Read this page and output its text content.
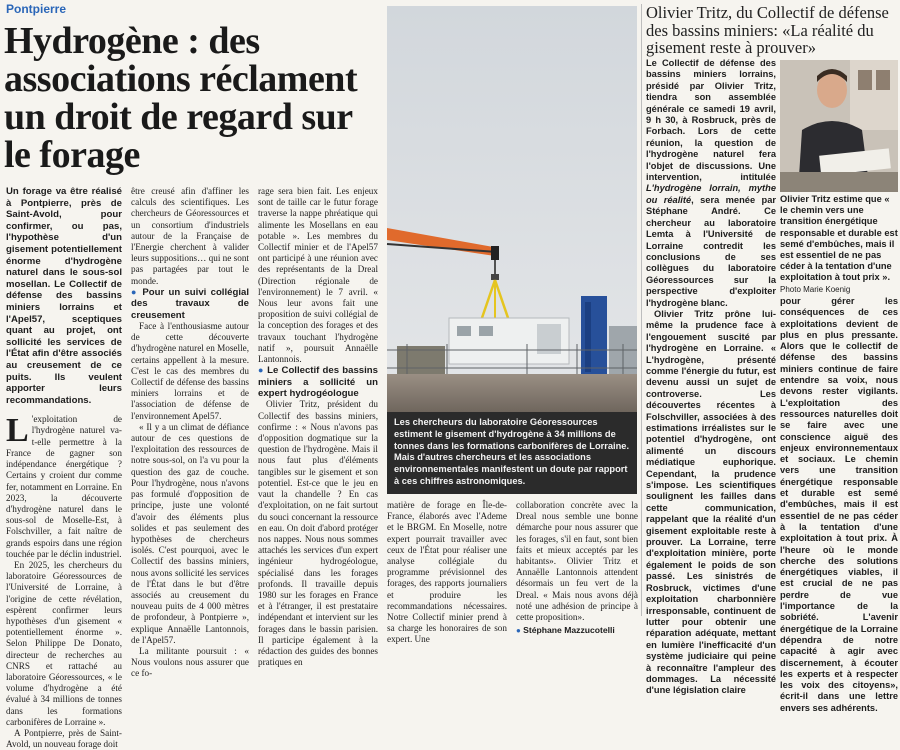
Pontpierre
Hydrogène : des associations réclament un droit de regard sur le forage

Un forage va être réalisé à Pontpierre, près de Saint-Avold, pour confirmer, ou pas, l'hypothèse d'un gisement potentiellement énorme d'hydrogène naturel dans le sous-sol mosellan. Le Collectif de défense des bassins miniers lorrains et l'Apel57, sceptiques quant au projet, ont sollicité les services de l'État afin d'être associés au creusement de ce puits. Ils veulent apporter leurs recommandations.

L 'exploitation de l'hydrogène naturel va-t-elle permettre à la France de gagner son indépendance énergétique ? Certains y croient dur comme fer, notamment en Lorraine. En 2023, la découverte d'hydrogène naturel dans le sous-sol de Moselle-Est, à Folschviller, a fait naître de grands espoirs dans une région touchée par le déclin industriel.

En 2025, les chercheurs du laboratoire Géoressources de l'Université de Lorraine, à l'origine de cette révélation, espèrent confirmer leurs hypothèses d'un gisement « potentiellement énorme ». Selon Philippe De Donato, directeur de recherches au CNRS et rattaché au laboratoire Géoressources, « le volume d'hydrogène a été évalué à 34 millions de tonnes dans les formations carbonifères de Lorraine ».

A Pontpierre, près de Saint-Avold, un nouveau forage doit

être creusé afin d'affiner les calculs des scientifiques. Les chercheurs de Géoressources et un consortium d'industriels autour de la Française de l'Energie cherchent à valider leurs suppositions… qui ne sont pas partagées par tout le monde.

● Pour un suivi collégial des travaux de creusement

Face à l'enthousiasme autour de cette découverte d'hydrogène naturel en Moselle, certains appellent à la mesure. C'est le cas des membres du Collectif de défense des bassins miniers lorrains et de l'association de défense de l'environnement Apel57.

« Il y a un climat de défiance autour de ces questions de l'exploitation des ressources de notre sous-sol, on l'a vu pour la question des gaz de couche. Pour l'hydrogène, nous n'avons pas formulé d'opposition de principe, juste une volonté d'avoir des éléments plus solides et pas seulement des hypothèses de chercheurs isolés. C'est pourquoi, avec le Collectif des bassins miniers, nous avons sollicité les services de l'État dans le but d'être associés au creusement du nouveau puits de 4 000 mètres de profondeur, à Pontpierre », explique Annaëlle Lantonnois, de l'Apel57.

La militante poursuit : « Nous voulons nous assurer que ce fo-

rage sera bien fait. Les enjeux sont de taille car le futur forage traverse la nappe phréatique qui alimente les Mosellans en eau potable ». Les membres du Collectif minier et de l'Apel57 ont participé à une réunion avec des représentants de la Dreal (Direction régionale de l'environnement) le 7 avril. « Nous leur avons fait une proposition de suivi collégial de la conception des forages et des travaux touchant l'hydrogène natif », poursuit Annaëlle Lantonnois.

● Le Collectif des bassins miniers a sollicité un expert hydrogéologue

Olivier Tritz, président du Collectif des bassins miniers, confirme : « Nous n'avons pas d'opposition dogmatique sur la question de l'hydrogène. Mais il nous faut plus d'éléments tangibles sur le gisement et son potentiel. Est-ce que le jeu en vaut la chandelle ? En cas d'exploitation, on ne fait surtout du souci concernant la ressource en eau. On doit d'abord protéger nos nappes. Nous nous sommes attachés les services d'un expert ingénieur hydrogéologue, spécialisé dans les forages profonds. Il travaille depuis 1980 sur les forages en France et à l'étranger, il est prestataire indépendant et intervient sur les forages dans le bassin parisien. Il participe également à la rédaction des guides des bonnes pratiques en

Les chercheurs du laboratoire Géoressources estiment le gisement d'hydrogène à 34 millions de tonnes dans les formations carbonifères de Lorraine. Mais d'autres chercheurs et les associations environnementales manifestent un doute par rapport à ces chiffres astronomiques.

matière de forage en Île-de-France, élaborés avec l'Ademe et le BRGM. En Moselle, notre expert pourrait travailler avec ceux de l'État pour réaliser une analyse collégiale du programme prévisionnel des forages, des rapports journaliers et produire les recommandations nécessaires. Notre Collectif minier prend à sa charge les honoraires de son expert. Une

collaboration concrète avec la Dreal nous semble une bonne démarche pour nous assurer que les forages, s'il en faut, sont bien faits et mieux acceptés par les habitants». Olivier Tritz et Annaëlle Lantonnois attendent désormais un feu vert de la Dreal. « Mais nous avons déjà noté une adhésion de principe à cette proposition».

● Stéphane Mazzucotelli

Olivier Tritz, du Collectif de défense des bassins miniers: «La réalité du gisement reste à prouver»

Le Collectif de défense des bassins miniers lorrains, présidé par Olivier Tritz, tiendra son assemblée générale ce samedi 19 avril, 9 h 30, à Rosbruck, près de Forbach. Lors de cette réunion, la question de l'hydrogène naturel fera l'objet de discussions. Une intervention, intitulée L'hydrogène lorrain, mythe ou réalité, sera menée par Stéphane André. Ce chercheur au laboratoire Lemta à l'Université de Lorraine contredit les conclusions de ses collègues du laboratoire Géoressources sur la perspective d'exploiter l'hydrogène blanc.

Olivier Tritz prône lui-même la prudence face à l'engouement suscité par l'hydrogène en Lorraine. « L'hydrogène, présenté comme l'énergie du futur, est devenu aussi un sujet de controverse. Les découvertes récentes à Folschviller, associées à des estimations irréalistes sur le potentiel d'hydrogène, ont alimenté un discours médiatique euphorique. Cependant, la prudence s'impose. Les scientifiques soulignent les failles dans cette communication, rappelant que la réalité d'un gisement exploitable reste à prouver. La Lorraine, terre d'exploitation minière, porte également le poids de son passé. Les sinistrés de Rosbruck, victimes d'une exploitation charbonnière irresponsable, continuent de lutter pour obtenir une réparation adéquate, mettant en lumière l'inefficacité d'un système judiciaire qui peine à reconnaître l'ampleur des dommages. La nécessité d'une législation claire

Olivier Tritz estime que « le chemin vers une transition énergétique responsable et durable est semé d'embûches, mais il est essentiel de ne pas céder à la tentation d'une exploitation à tout prix ». Photo Marie Koenig

pour gérer les conséquences de ces exploitations devient de plus en plus pressante. Alors que le collectif de défense des bassins miniers continue de faire entendre sa voix, nous devons rester vigilants. L'exploitation des ressources naturelles doit se faire avec une conscience aiguë des enjeux environnementaux et sociaux. Le chemin vers une transition énergétique responsable et durable est semé d'embûches, mais il est essentiel de ne pas céder à la tentation d'une exploitation à tout prix. À l'heure où le monde cherche des solutions énergétiques viables, il est crucial de ne pas perdre de vue l'importance de la sobriété. L'avenir énergétique de la Lorraine dépendra de notre capacité à agir avec discernement, à écouter les experts et à respecter les voix des citoyens», écrit-il dans une lettre envers ses adhérents.
